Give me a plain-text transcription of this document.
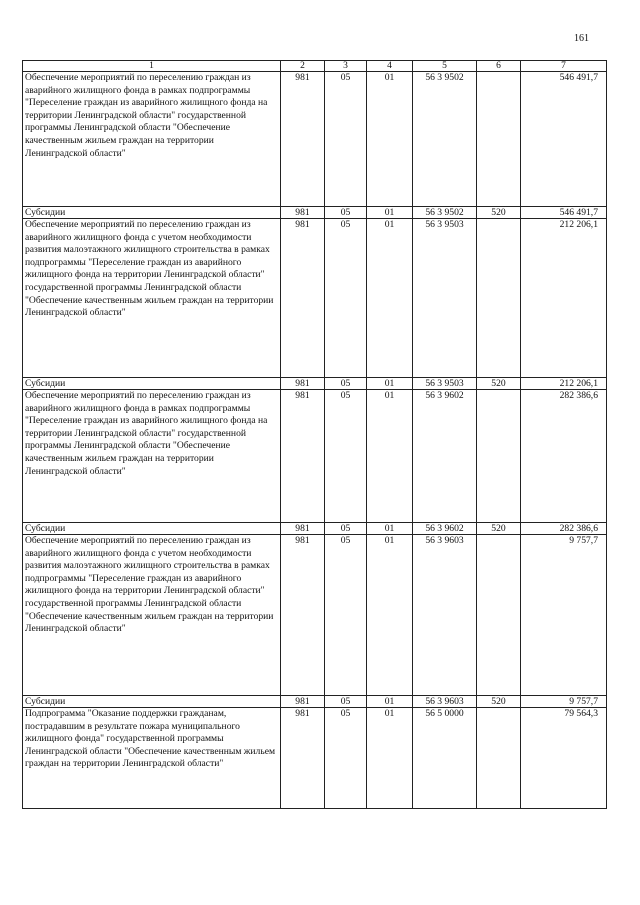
161
1	2	3	4	5	6	7
Обеспечение мероприятий по переселению граждан из аварийного жилищного фонда в рамках подпрограммы "Переселение граждан из аварийного жилищного фонда на территории Ленинградской области" государственной программы Ленинградской области "Обеспечение качественным жильем граждан на территории Ленинградской области"	981	05	01	56 3 9502		546 491,7
Субсидии	981	05	01	56 3 9502	520	546 491,7
Обеспечение мероприятий по переселению граждан из аварийного жилищного фонда с учетом необходимости развития малоэтажного жилищного строительства в рамках подпрограммы "Переселение граждан из аварийного жилищного фонда на территории Ленинградской области" государственной программы Ленинградской области "Обеспечение качественным жильем граждан на территории Ленинградской области"	981	05	01	56 3 9503		212 206,1
Субсидии	981	05	01	56 3 9503	520	212 206,1
Обеспечение мероприятий по переселению граждан из аварийного жилищного фонда в рамках подпрограммы "Переселение граждан из аварийного жилищного фонда на территории Ленинградской области" государственной программы Ленинградской области "Обеспечение качественным жильем граждан на территории Ленинградской области"	981	05	01	56 3 9602		282 386,6
Субсидии	981	05	01	56 3 9602	520	282 386,6
Обеспечение мероприятий по переселению граждан из аварийного жилищного фонда с учетом необходимости развития малоэтажного жилищного строительства в рамках подпрограммы "Переселение граждан из аварийного жилищного фонда на территории Ленинградской области" государственной программы Ленинградской области "Обеспечение качественным жильем граждан на территории Ленинградской области"	981	05	01	56 3 9603		9 757,7
Субсидии	981	05	01	56 3 9603	520	9 757,7
Подпрограмма "Оказание поддержки гражданам, пострадавшим в результате пожара муниципального жилищного фонда" государственной программы Ленинградской области "Обеспечение качественным жильем граждан на территории Ленинградской области"	981	05	01	56 5 0000		79 564,3
